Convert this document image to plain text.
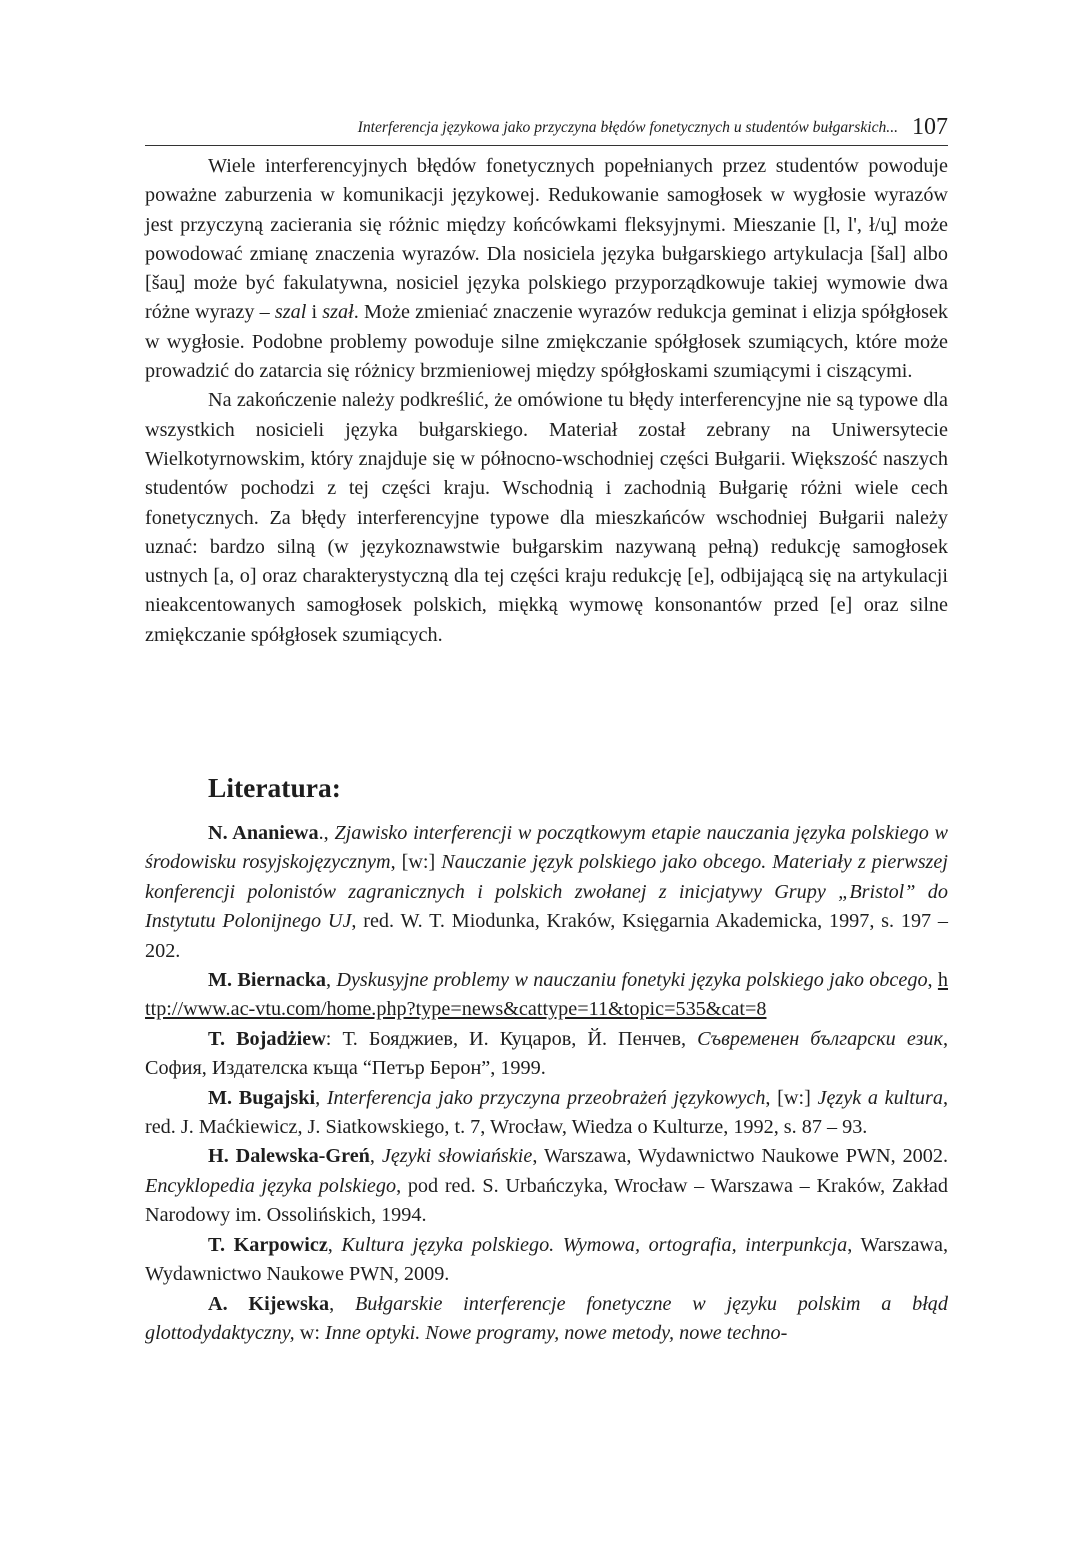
Interferencja językowa jako przyczyna błędów fonetycznych u studentów bułgarskich... 107

Wiele interferencyjnych błędów fonetycznych popełnianych przez studentów powoduje poważne zaburzenia w komunikacji językowej. Redukowanie samogłosek w wygłosie wyrazów jest przyczyną zacierania się różnic między końcówkami fleksyjnymi. Mieszanie [l, l', ł/u̯] może powodować zmianę znaczenia wyrazów. Dla nosiciela języka bułgarskiego artykulacja [šal] albo [šau̯] może być fakulatywna, nosiciel języka polskiego przyporządkowuje takiej wymowie dwa różne wyrazy – szal i szał. Może zmieniać znaczenie wyrazów redukcja geminat i elizja spółgłosek w wygłosie. Podobne problemy powoduje silne zmiękczanie spółgłosek szumiących, które może prowadzić do zatarcia się różnicy brzmieniowej między spółgłoskami szumiącymi i ciszącymi.

Na zakończenie należy podkreślić, że omówione tu błędy interferencyjne nie są typowe dla wszystkich nosicieli języka bułgarskiego. Materiał został zebrany na Uniwersytecie Wielkotyrnowskim, który znajduje się w północno-wschodniej części Bułgarii. Większość naszych studentów pochodzi z tej części kraju. Wschodnią i zachodnią Bułgarię różni wiele cech fonetycznych. Za błędy interferencyjne typowe dla mieszkańców wschodniej Bułgarii należy uznać: bardzo silną (w językoznawstwie bułgarskim nazywaną pełną) redukcję samogłosek ustnych [a, o] oraz charakterystyczną dla tej części kraju redukcję [e], odbijającą się na artykulacji nieakcentowanych samogłosek polskich, miękką wymowę konsonantów przed [e] oraz silne zmiękczanie spółgłosek szumiących.

Literatura:

N. Ananiewa., Zjawisko interferencji w początkowym etapie nauczania języka polskiego w środowisku rosyjskojęzycznym, [w:] Nauczanie język polskiego jako obcego. Materiały z pierwszej konferencji polonistów zagranicznych i polskich zwołanej z inicjatywy Grupy „Bristol” do Instytutu Polonijnego UJ, red. W. T. Miodunka, Kraków, Księgarnia Akademicka, 1997, s. 197 – 202.

M. Biernacka, Dyskusyjne problemy w nauczaniu fonetyki języka polskiego jako obcego, http://www.ac-vtu.com/home.php?type=news&cattype=11&topic=535&cat=8

T. Bojadżiew: Т. Бояджиев, И. Куцаров, Й. Пенчев, Съвременен български език, София, Издателска къща “Петър Берон”, 1999.

M. Bugajski, Interferencja jako przyczyna przeobrażeń językowych, [w:] Język a kultura, red. J. Maćkiewicz, J. Siatkowskiego, t. 7, Wrocław, Wiedza o Kulturze, 1992, s. 87 – 93.

H. Dalewska-Greń, Języki słowiańskie, Warszawa, Wydawnictwo Naukowe PWN, 2002. Encyklopedia języka polskiego, pod red. S. Urbańczyka, Wrocław – Warszawa – Kraków, Zakład Narodowy im. Ossolińskich, 1994.

T. Karpowicz, Kultura języka polskiego. Wymowa, ortografia, interpunkcja, Warszawa, Wydawnictwo Naukowe PWN, 2009.

A. Kijewska, Bułgarskie interferencje fonetyczne w języku polskim a błąd glottodydaktyczny, w: Inne optyki. Nowe programy, nowe metody, nowe techno-
